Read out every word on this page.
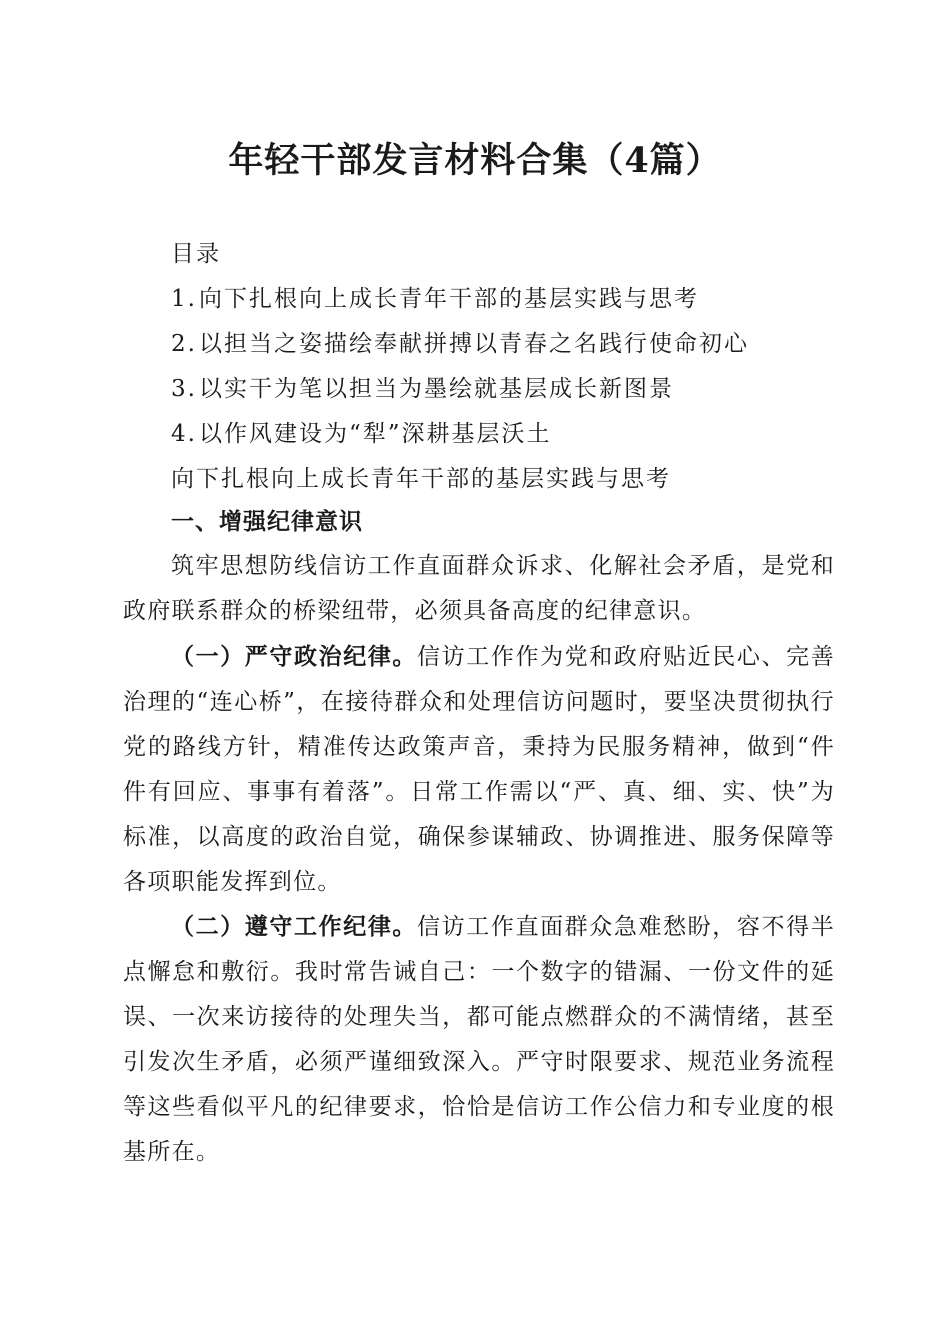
年轻干部发言材料合集（4篇）
目录
1.向下扎根向上成长青年干部的基层实践与思考
2.以担当之姿描绘奉献拼搏以青春之名践行使命初心
3.以实干为笔以担当为墨绘就基层成长新图景
4.以作风建设为“犁”深耕基层沃土
向下扎根向上成长青年干部的基层实践与思考
一、增强纪律意识
筑牢思想防线信访工作直面群众诉求、化解社会矛盾，是党和政府联系群众的桥梁纽带，必须具备高度的纪律意识。
（一）严守政治纪律。信访工作作为党和政府贴近民心、完善治理的“连心桥”，在接待群众和处理信访问题时，要坚决贯彻执行党的路线方针，精准传达政策声音，秉持为民服务精神，做到“件件有回应、事事有着落”。日常工作需以“严、真、细、实、快”为标准，以高度的政治自觉，确保参谋辅政、协调推进、服务保障等各项职能发挥到位。
（二）遵守工作纪律。信访工作直面群众急难愁盼，容不得半点懈怠和敷衍。我时常告诫自己：一个数字的错漏、一份文件的延误、一次来访接待的处理失当，都可能点燃群众的不满情绪，甚至引发次生矛盾，必须严谨细致深入。严守时限要求、规范业务流程等这些看似平凡的纪律要求，恰恰是信访工作公信力和专业度的根基所在。
